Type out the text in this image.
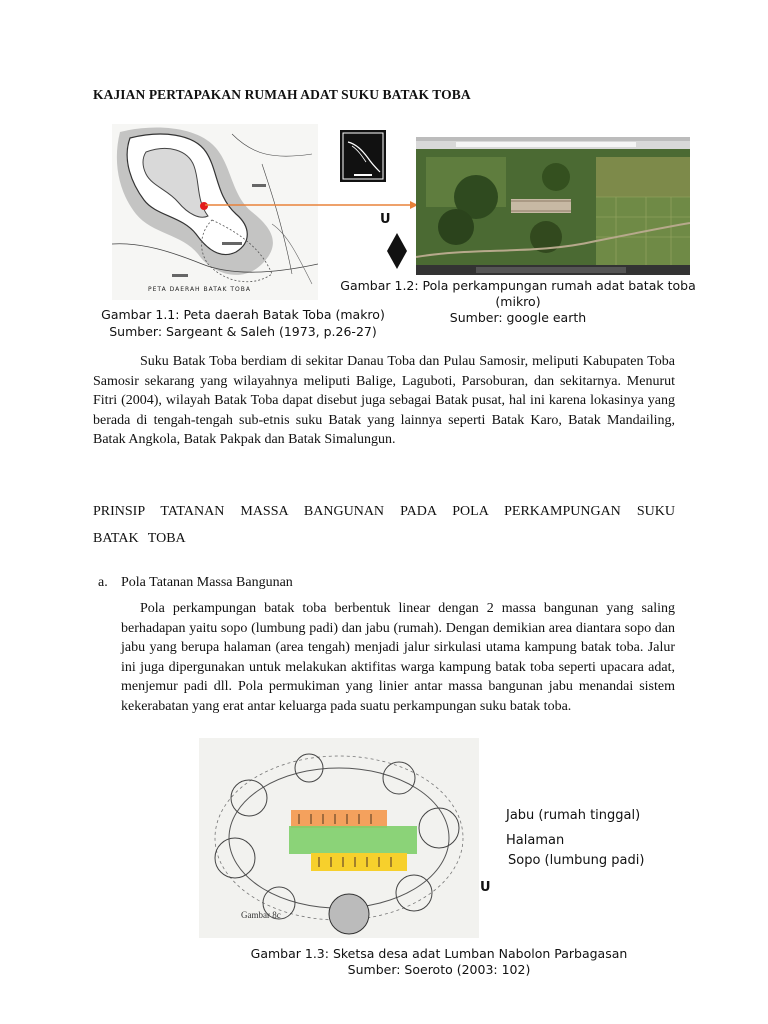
KAJIAN PERTAPAKAN RUMAH ADAT SUKU BATAK TOBA
PETA DAERAH BATAK TOBA
U
Gambar 1.2: Pola perkampungan rumah adat batak toba (mikro)
Sumber: google earth
Gambar 1.1: Peta daerah Batak Toba (makro)
Sumber: Sargeant & Saleh (1973, p.26-27)
Suku Batak Toba berdiam di sekitar Danau Toba dan Pulau Samosir, meliputi Kabupaten Toba Samosir sekarang yang wilayahnya meliputi Balige, Laguboti, Parsoburan, dan sekitarnya. Menurut Fitri (2004), wilayah Batak Toba dapat disebut juga sebagai Batak pusat, hal ini karena lokasinya yang berada di tengah-tengah sub-etnis suku Batak yang lainnya seperti Batak Karo, Batak Mandailing, Batak Angkola, Batak Pakpak dan Batak Simalungun.
PRINSIP TATANAN MASSA BANGUNAN PADA POLA PERKAMPUNGAN SUKU BATAK TOBA
a. Pola Tatanan Massa Bangunan
Pola perkampungan batak toba berbentuk linear dengan 2 massa bangunan yang saling berhadapan yaitu sopo (lumbung padi) dan jabu (rumah). Dengan demikian area diantara sopo dan jabu yang berupa halaman (area tengah) menjadi jalur sirkulasi utama kampung batak toba. Jalur ini juga dipergunakan untuk melakukan aktifitas warga kampung batak toba seperti upacara adat, menjemur padi dll. Pola permukiman yang linier antar massa bangunan jabu menandai sistem kekerabatan yang erat antar keluarga pada suatu perkampungan suku batak toba.
Gambar 8c
Jabu (rumah tinggal)
Halaman
Sopo (lumbung padi)
U
Gambar 1.3: Sketsa desa adat Lumban Nabolon Parbagasan
Sumber: Soeroto (2003: 102)
